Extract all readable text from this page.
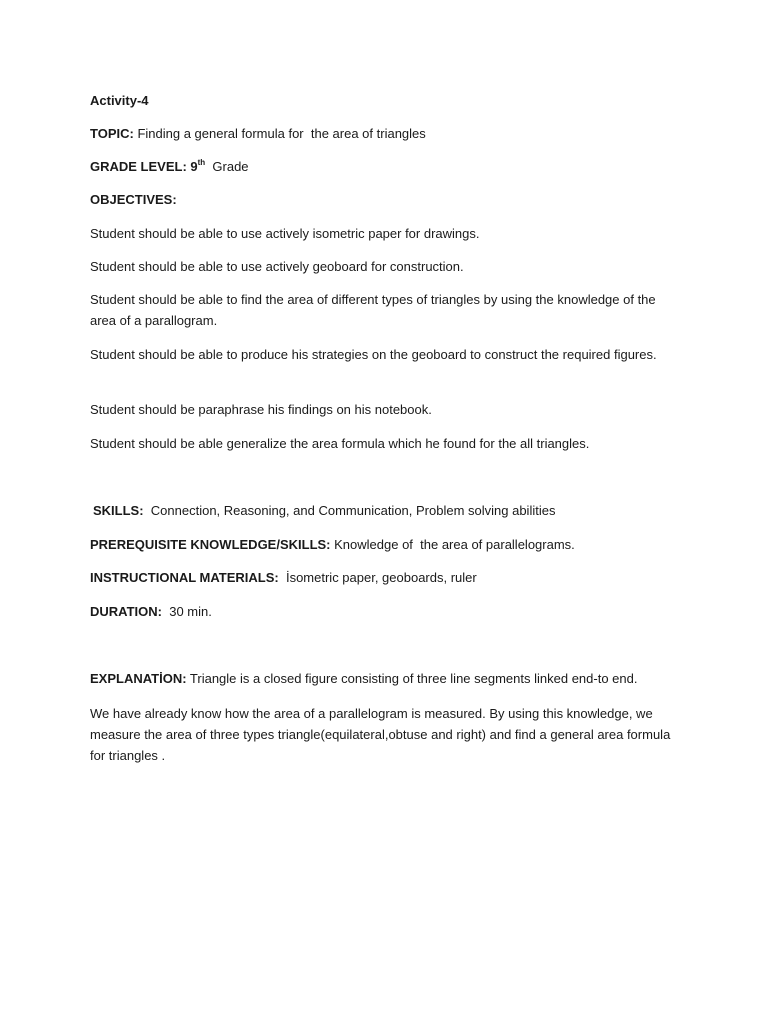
Activity-4

TOPIC: Finding a general formula for  the area of triangles

GRADE LEVEL: 9th  Grade

OBJECTIVES:

Student should be able to use actively isometric paper for drawings.

Student should be able to use actively geoboard for construction.

Student should be able to find the area of different types of triangles by using the knowledge of the area of a parallogram.

Student should be able to produce his strategies on the geoboard to construct the required figures.

Student should be paraphrase his findings on his notebook.

Student should be able generalize the area formula which he found for the all triangles.

SKILLS:  Connection, Reasoning, and Communication, Problem solving abilities

PREREQUISITE KNOWLEDGE/SKILLS: Knowledge of  the area of parallelograms.

INSTRUCTIONAL MATERIALS:  İsometric paper, geoboards, ruler

DURATION:  30 min.

EXPLANATİON: Triangle is a closed figure consisting of three line segments linked end-to end.

We have already know how the area of a parallelogram is measured. By using this knowledge, we measure the area of three types triangle(equilateral,obtuse and right) and find a general area formula for triangles .
